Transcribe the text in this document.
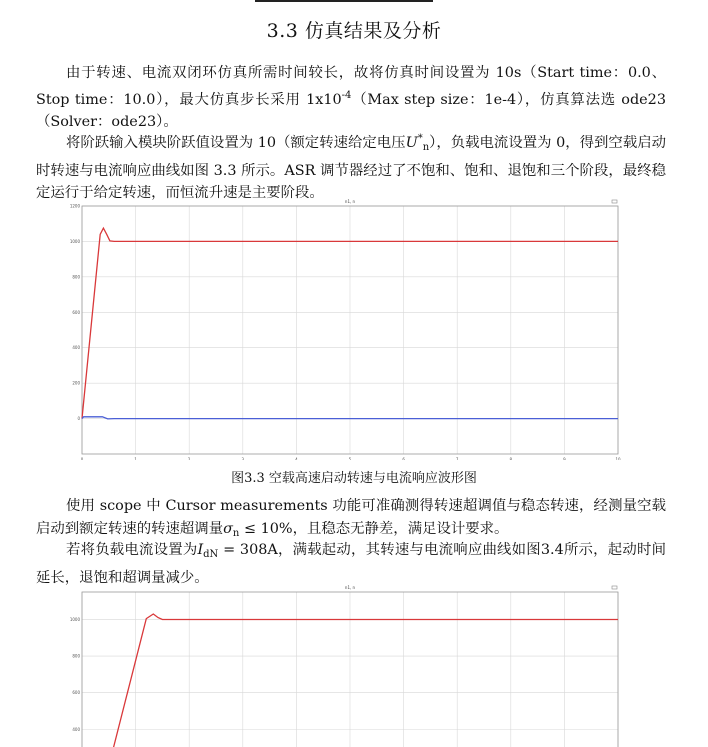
3.3 仿真结果及分析

由于转速、电流双闭环仿真所需时间较长，故将仿真时间设置为 10s（Start time：0.0、Stop time：10.0），最大仿真步长采用 $1x10^{-4}(Max$ step size：1e-4），仿真算法选 ode23（Solver：ode23）。

将阶跃输入模块阶跃值设置为 10（额定转速给定电压$U^*_n$），负载电流设置为 0，得到空载启动时转速与电流响应曲线如图 3.3 所示。ASR 调节器经过了不饱和、饱和、退饱和三个阶段，最终稳定运行于给定转速，而恒流升速是主要阶段。

n1, n
0	1	2	3	4	5	6	7	8	9	10
1200
1000
800
600
400
200
0
图3.3 空载高速启动转速与电流响应波形图

使用 scope 中 Cursor measurements 功能可准确测得转速超调值与稳态转速，经测量空载启动到额定转速的转速超调量$\sigma_n \le 10\%$，且稳态无静差，满足设计要求。

若将负载电流设置为$I_{dN} = 308A$，满载起动，其转速与电流响应曲线如图3.4所示，起动时间延长，退饱和超调量减少。

n1, n
1000
800
600
400
